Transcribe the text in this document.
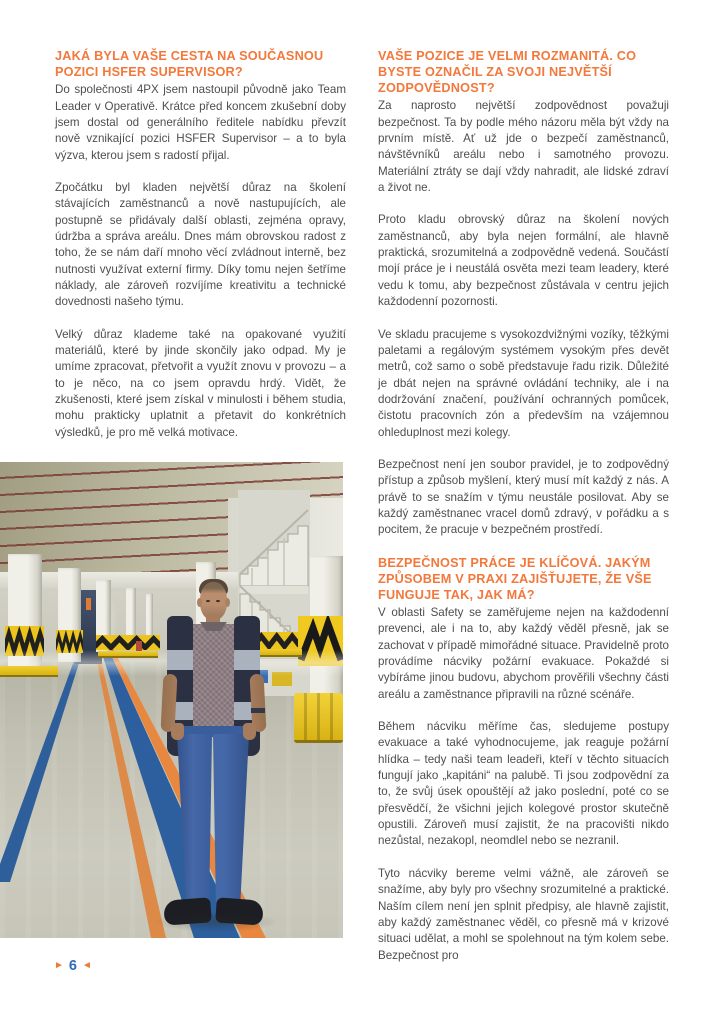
JAKÁ BYLA VAŠE CESTA NA SOUČASNOU POZICI HSFER SUPERVISOR?

Do společnosti 4PX jsem nastoupil původně jako Team Leader v Operativě. Krátce před koncem zkušební doby jsem dostal od generálního ředitele nabídku převzít nově vznikající pozici HSFER Supervisor – a to byla výzva, kterou jsem s radostí přijal.

Zpočátku byl kladen největší důraz na školení stávajících zaměstnanců a nově nastupujících, ale postupně se přidávaly další oblasti, zejména opravy, údržba a správa areálu. Dnes mám obrovskou radost z toho, že se nám daří mnoho věcí zvládnout interně, bez nutnosti využívat externí firmy. Díky tomu nejen šetříme náklady, ale zároveň rozvíjíme kreativitu a technické dovednosti našeho týmu.

Velký důraz klademe také na opakované využití materiálů, které by jinde skončily jako odpad. My je umíme zpracovat, přetvořit a využít znovu v provozu – a to je něco, na co jsem opravdu hrdý. Vidět, že zkušenosti, které jsem získal v minulosti i během studia, mohu prakticky uplatnit a přetavit do konkrétních výsledků, je pro mě velká motivace.

VAŠE POZICE JE VELMI ROZMANITÁ. CO BYSTE OZNAČIL ZA SVOJI NEJVĚTŠÍ ZODPOVĚDNOST?

Za naprosto největší zodpovědnost považuji bezpečnost. Ta by podle mého názoru měla být vždy na prvním místě. Ať už jde o bezpečí zaměstnanců, návštěvníků areálu nebo i samotného provozu. Materiální ztráty se dají vždy nahradit, ale lidské zdraví a život ne.

Proto kladu obrovský důraz na školení nových zaměstnanců, aby byla nejen formální, ale hlavně praktická, srozumitelná a zodpovědně vedená. Součástí mojí práce je i neustálá osvěta mezi team leadery, které vedu k tomu, aby bezpečnost zůstávala v centru jejich každodenní pozornosti.

Ve skladu pracujeme s vysokozdvižnými vozíky, těžkými paletami a regálovým systémem vysokým přes devět metrů, což samo o sobě představuje řadu rizik. Důležité je dbát nejen na správné ovládání techniky, ale i na dodržování značení, používání ochranných pomůcek, čistotu pracovních zón a především na vzájemnou ohleduplnost mezi kolegy.

Bezpečnost není jen soubor pravidel, je to zodpovědný přístup a způsob myšlení, který musí mít každý z nás. A právě to se snažím v týmu neustále posilovat. Aby se každý zaměstnanec vracel domů zdravý, v pořádku a s pocitem, že pracuje v bezpečném prostředí.

BEZPEČNOST PRÁCE JE KLÍČOVÁ. JAKÝM ZPŮSOBEM V PRAXI ZAJIŠŤUJETE, ŽE VŠE FUNGUJE TAK, JAK MÁ?

V oblasti Safety se zaměřujeme nejen na každodenní prevenci, ale i na to, aby každý věděl přesně, jak se zachovat v případě mimořádné situace. Pravidelně proto provádíme nácviky požární evakuace. Pokaždé si vybíráme jinou budovu, abychom prověřili všechny části areálu a zaměstnance připravili na různé scénáře.

Během nácviku měříme čas, sledujeme postupy evakuace a také vyhodnocujeme, jak reaguje požární hlídka – tedy naši team leadeři, kteří v těchto situacích fungují jako „kapitáni“ na palubě. Ti jsou zodpovědní za to, že svůj úsek opouštějí až jako poslední, poté co se přesvědčí, že všichni jejich kolegové prostor skutečně opustili. Zároveň musí zajistit, že na pracovišti nikdo nezůstal, nezakopl, neomdlel nebo se nezranil.

Tyto nácviky bereme velmi vážně, ale zároveň se snažíme, aby byly pro všechny srozumitelné a praktické. Naším cílem není jen splnit předpisy, ale hlavně zajistit, aby každý zaměstnanec věděl, co přesně má v krizové situaci udělat, a mohl se spolehnout na tým kolem sebe. Bezpečnost pro

► 6 ◄
